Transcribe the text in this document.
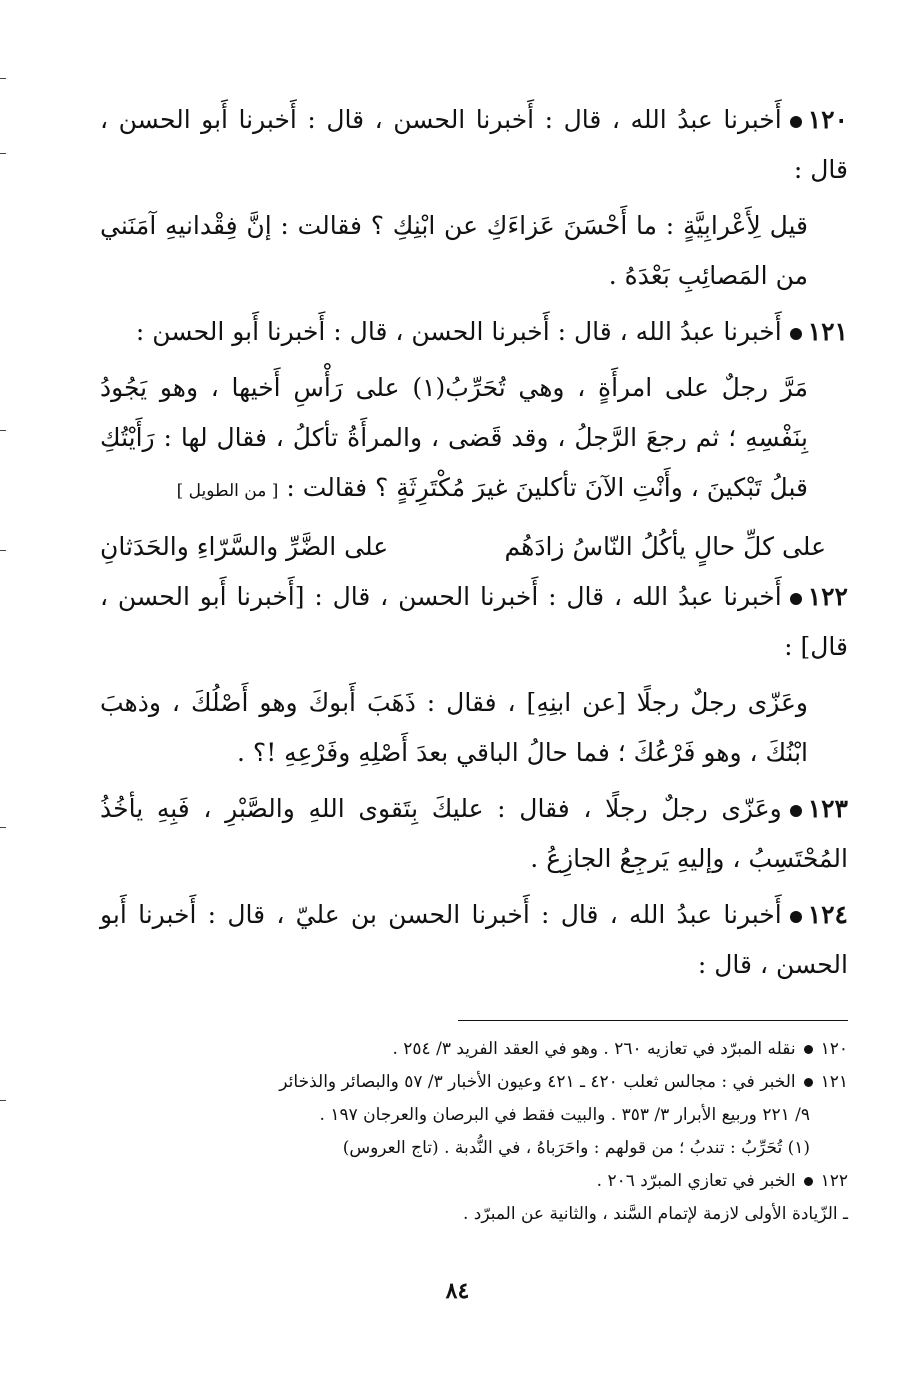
١٢٠أَخبرنا عبدُ الله ، قال : أَخبرنا الحسن ، قال : أَخبرنا أَبو الحسن ، قال :

قيل لِأَعْرابِيَّةٍ : ما أَحْسَنَ عَزاءَكِ عن ابْنِكِ ؟ فقالت : إنَّ فِقْدانيهِ آمَنَني من المَصائِبِ بَعْدَهُ .

١٢١أَخبرنا عبدُ الله ، قال : أَخبرنا الحسن ، قال : أَخبرنا أَبو الحسن :

مَرَّ رجلٌ على امرأَةٍ ، وهي تُحَرِّبُ(١) على رَأْسِ أَخيها ، وهو يَجُودُ بِنَفْسِهِ ؛ ثم رجعَ الرَّجلُ ، وقد قَضى ، والمرأَةُ تأكلُ ، فقال لها : رَأَيْتُكِ قبلُ تَبْكينَ ، وأَنْتِ الآنَ تأكلينَ غيرَ مُكْتَرِثَةٍ ؟ فقالت : [ من الطويل ]

على كلِّ حالٍ يأكُلُ النّاسُ زادَهُم
على الضَّرِّ والسَّرّاءِ والحَدَثانِ

١٢٢أَخبرنا عبدُ الله ، قال : أَخبرنا الحسن ، قال : [أَخبرنا أَبو الحسن ، قال] :

وعَزّى رجلٌ رجلًا [عن ابنِهِ] ، فقال : ذَهَبَ أَبوكَ وهو أَصْلُكَ ، وذهبَ ابْنُكَ ، وهو فَرْعُكَ ؛ فما حالُ الباقي بعدَ أَصْلِهِ وفَرْعِهِ !؟ .

١٢٣وعَزّى رجلٌ رجلًا ، فقال : عليكَ بِتَقوى اللهِ والصَّبْرِ ، فَبِهِ يأخُذُ المُحْتَسِبُ ، وإليهِ يَرجِعُ الجازِعُ .

١٢٤أَخبرنا عبدُ الله ، قال : أَخبرنا الحسن بن عليّ ، قال : أَخبرنا أَبو الحسن ، قال :

١٢٠نقله المبرّد في تعازيه ٢٦٠ . وهو في العقد الفريد ٣/ ٢٥٤ .
١٢١الخبر في : مجالس ثعلب ٤٢٠ ـ ٤٢١ وعيون الأخبار ٣/ ٥٧ والبصائر والذخائر
٩/ ٢٢١ وربيع الأبرار ٣/ ٣٥٣ . والبيت فقط في البرصان والعرجان ١٩٧ .
(١) تُحَرِّبُ : تندبُ ؛ من قولهم : واحَرَباهُ ، في النُّدبة . (تاج العروس)
١٢٢الخبر في تعازي المبرّد ٢٠٦ .
ـ الزّيادة الأولى لازمة لإتمام السَّند ، والثانية عن المبرّد .
٨٤
